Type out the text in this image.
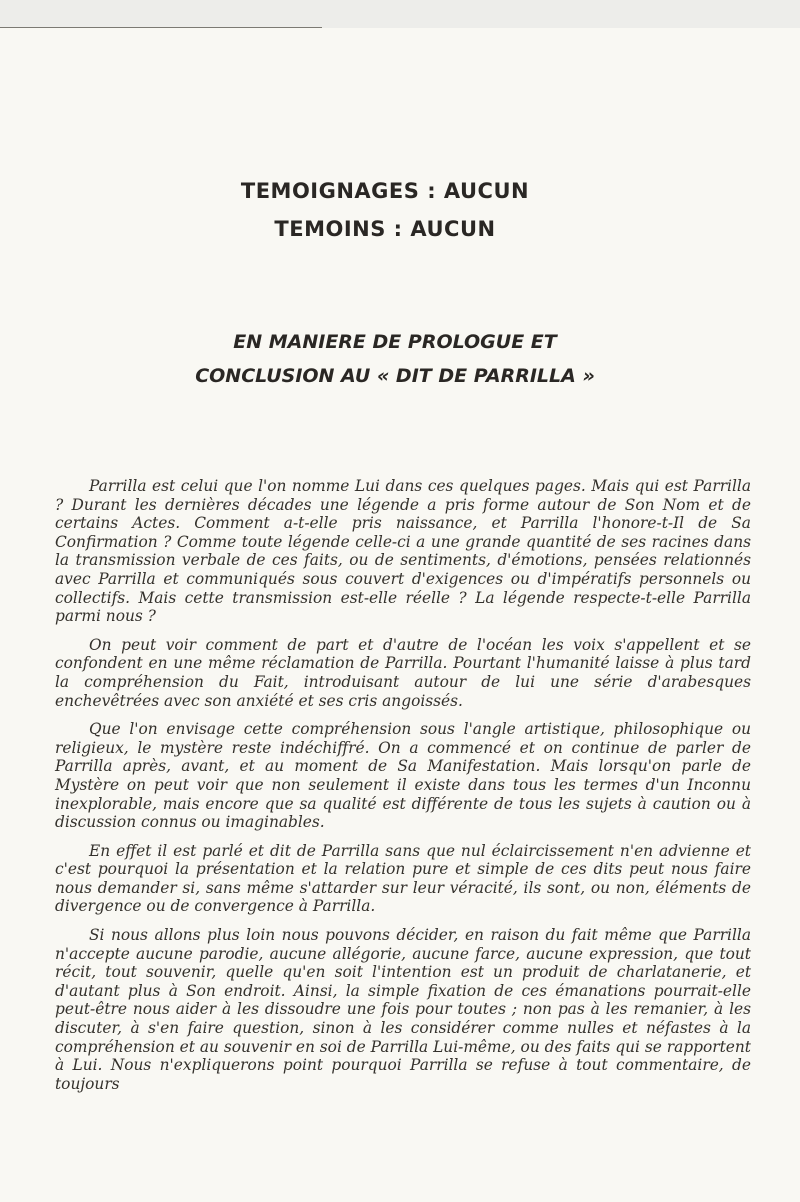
TEMOIGNAGES : AUCUN

TEMOINS : AUCUN

EN MANIERE DE PROLOGUE ET

CONCLUSION AU « DIT DE PARRILLA »

Parrilla est celui que l'on nomme Lui dans ces quelques pages. Mais qui est Parrilla ? Durant les dernières décades une légende a pris forme autour de Son Nom et de certains Actes. Comment a-t-elle pris naissance, et Parrilla l'honore-t-Il de Sa Confirmation ? Comme toute légende celle-ci a une grande quantité de ses racines dans la transmission verbale de ces faits, ou de sentiments, d'émotions, pensées relationnés avec Parrilla et communiqués sous couvert d'exigences ou d'impératifs personnels ou collectifs. Mais cette transmission est-elle réelle ? La légende respecte-t-elle Parrilla parmi nous ?

On peut voir comment de part et d'autre de l'océan les voix s'appellent et se confondent en une même réclamation de Parrilla. Pourtant l'humanité laisse à plus tard la compréhension du Fait, introduisant autour de lui une série d'arabesques enchevêtrées avec son anxiété et ses cris angoissés.

Que l'on envisage cette compréhension sous l'angle artistique, philosophique ou religieux, le mystère reste indéchiffré. On a commencé et on continue de parler de Parrilla après, avant, et au moment de Sa Manifestation. Mais lorsqu'on parle de Mystère on peut voir que non seulement il existe dans tous les termes d'un Inconnu inexplorable, mais encore que sa qualité est différente de tous les sujets à caution ou à discussion connus ou imaginables.

En effet il est parlé et dit de Parrilla sans que nul éclaircissement n'en advienne et c'est pourquoi la présentation et la relation pure et simple de ces dits peut nous faire nous demander si, sans même s'attarder sur leur véracité, ils sont, ou non, éléments de divergence ou de convergence à Parrilla.

Si nous allons plus loin nous pouvons décider, en raison du fait même que Parrilla n'accepte aucune parodie, aucune allégorie, aucune farce, aucune expression, que tout récit, tout souvenir, quelle qu'en soit l'intention est un produit de charlatanerie, et d'autant plus à Son endroit. Ainsi, la simple fixation de ces émanations pourrait-elle peut-être nous aider à les dissoudre une fois pour toutes ; non pas à les remanier, à les discuter, à s'en faire question, sinon à les considérer comme nulles et néfastes à la compréhension et au souvenir en soi de Parrilla Lui-même, ou des faits qui se rapportent à Lui. Nous n'expliquerons point pourquoi Parrilla se refuse à tout commentaire, de toujours
